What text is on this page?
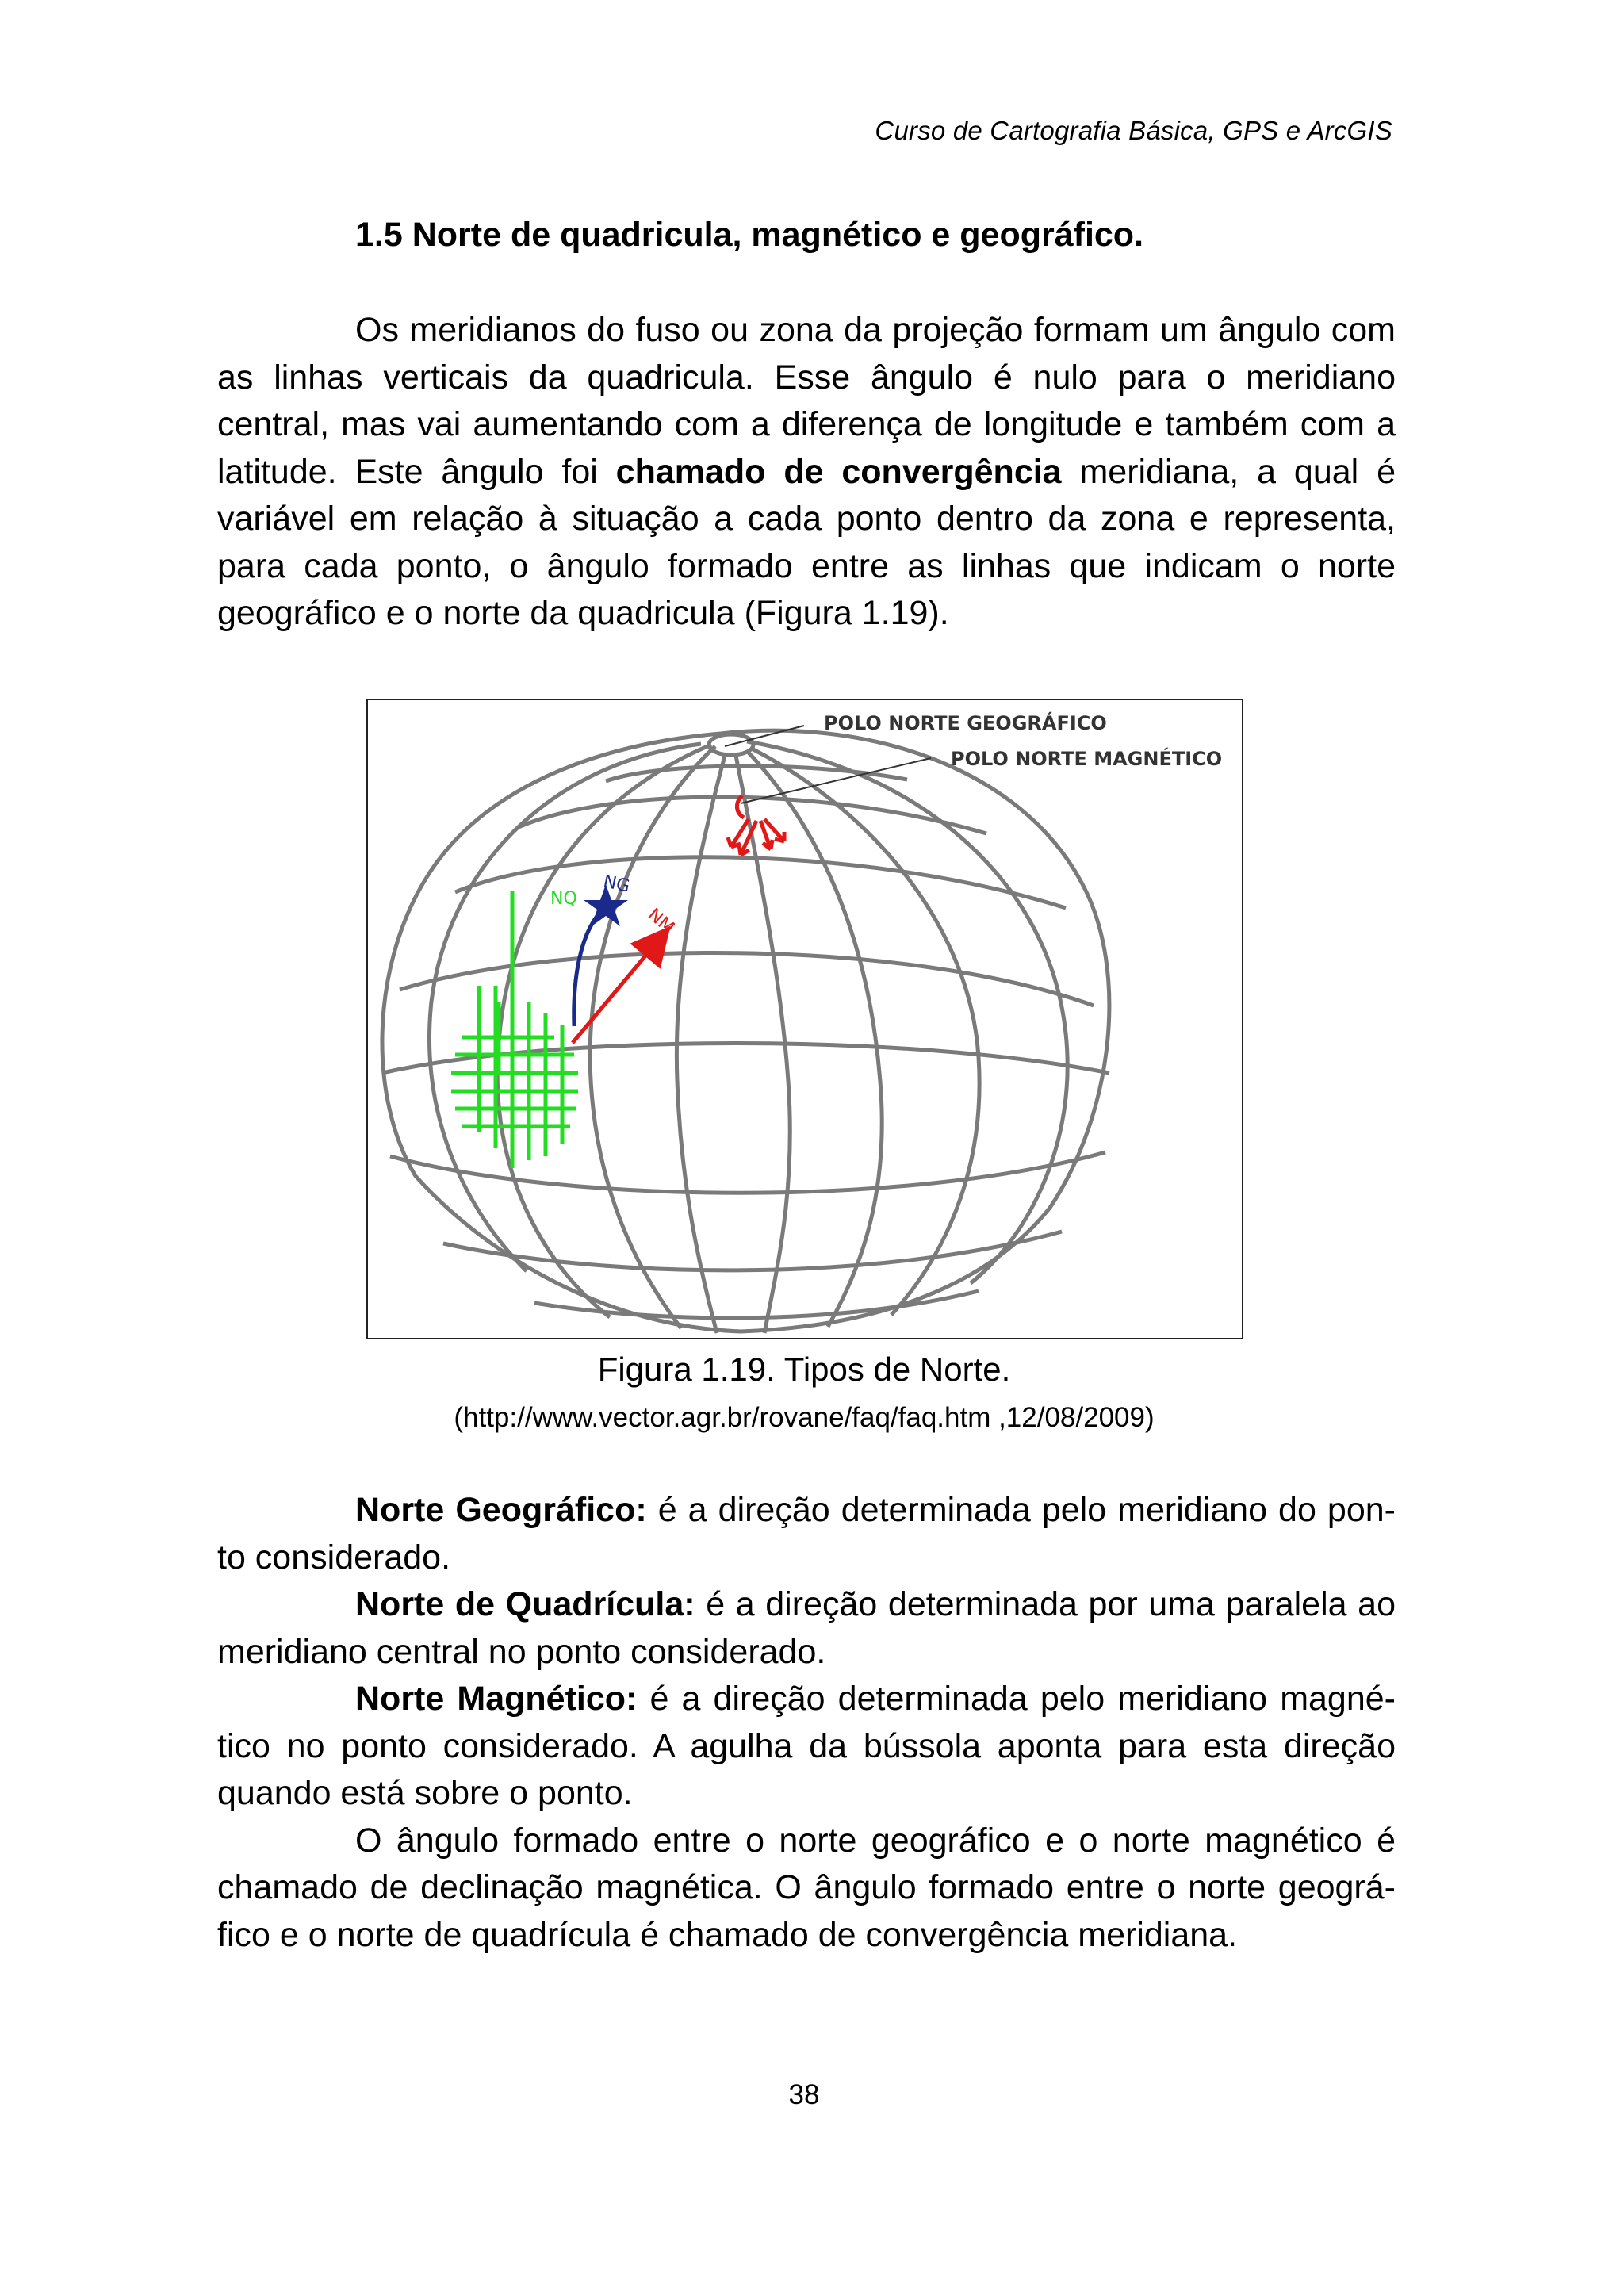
Curso de Cartografia Básica, GPS e ArcGIS
1.5 Norte de quadricula, magnético e geográfico.

Os meridianos do fuso ou zona da projeção formam um ângulo com as linhas verticais da quadricula. Esse ângulo é nulo para o meridiano central, mas vai aumentando com a diferença de longitude e também com a latitude. Este ângulo foi chamado de convergência meridiana, a qual é variável em relação à situação a cada ponto dentro da zona e representa, para cada ponto, o ângulo formado entre as linhas que indicam o norte geográfico e o norte da quadricula (Figura 1.19).

POLO NORTE GEOGRÁFICO
POLO NORTE MAGNÉTICO
NQ
NG
NM
Figura 1.19. Tipos de Norte.
(http://www.vector.agr.br/rovane/faq/faq.htm ,12/08/2009)
Norte Geográfico: é a direção determinada pelo meridiano do pon-to considerado.
Norte de Quadrícula: é a direção determinada por uma paralela ao meridiano central no ponto considerado.
Norte Magnético: é a direção determinada pelo meridiano magné-tico no ponto considerado. A agulha da bússola aponta para esta direção quando está sobre o ponto.
O ângulo formado entre o norte geográfico e o norte magnético é chamado de declinação magnética. O ângulo formado entre o norte geográ-fico e o norte de quadrícula é chamado de convergência meridiana.
38
